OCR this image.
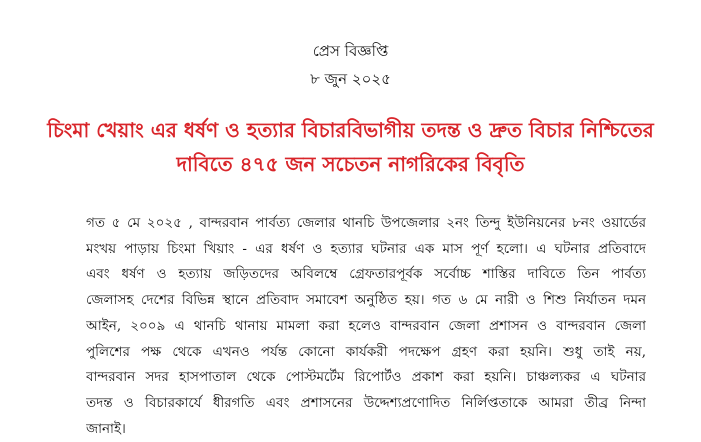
প্রেস বিজ্ঞপ্তি
৮ জুন ২০২৫
চিংমা খেয়াং এর ধর্ষণ ও হত্যার বিচারবিভাগীয় তদন্ত ও দ্রুত বিচার নিশ্চিতের
দাবিতে ৪৭৫ জন সচেতন নাগরিকের বিবৃতি

গত ৫ মে ২০২৫ , বান্দরবান পার্বত্য জেলার থানচি উপজেলার ২নং তিন্দু ইউনিয়নের ৮নং ওয়ার্ডের
মংখয় পাড়ায় চিংমা খিয়াং - এর ধর্ষণ ও হত্যার ঘটনার এক মাস পূর্ণ হলো। এ ঘটনার প্রতিবাদে
এবং ধর্ষণ ও হত্যায় জড়িতদের অবিলম্বে গ্রেফতারপূর্বক সর্বোচ্চ শাস্তির দাবিতে তিন পার্বত্য
জেলাসহ দেশের বিভিন্ন স্থানে প্রতিবাদ সমাবেশ অনুষ্ঠিত হয়। গত ৬ মে নারী ও শিশু নির্যাতন দমন
আইন, ২০০৯ এ থানচি থানায় মামলা করা হলেও বান্দরবান জেলা প্রশাসন ও বান্দরবান জেলা
পুলিশের পক্ষ থেকে এখনও পর্যন্ত কোনো কার্যকরী পদক্ষেপ গ্রহণ করা হয়নি। শুধু তাই নয়,
বান্দরবান সদর হাসপাতাল থেকে পোস্টমর্টেম রিপোর্টও প্রকাশ করা হয়নি। চাঞ্চল্যকর এ ঘটনার
তদন্ত ও বিচারকার্যে ধীরগতি এবং প্রশাসনের উদ্দেশ্যপ্রণোদিত নির্লিপ্ততাকে আমরা তীব্র নিন্দা
জানাই।
